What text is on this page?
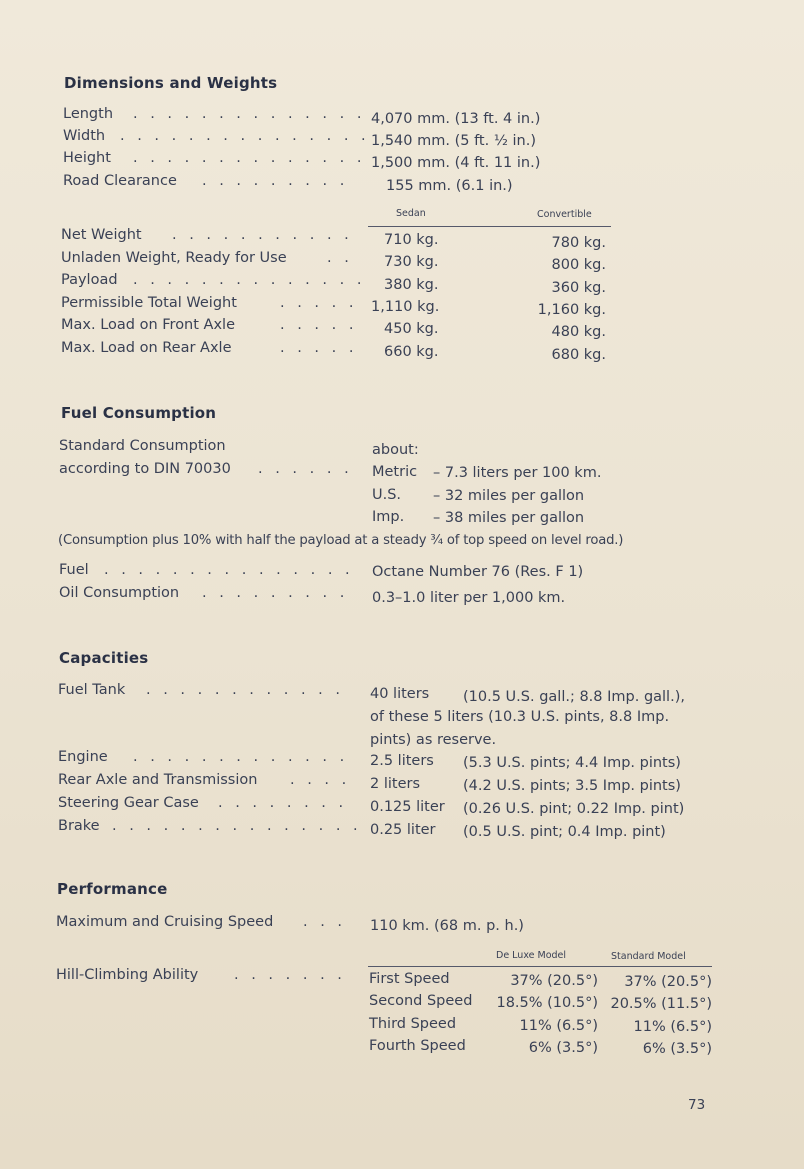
Dimensions and Weights
Length . . . . . . . . . . . . . . 4,070 mm. (13 ft. 4 in.)
Width . . . . . . . . . . . . . . . 1,540 mm. (5 ft. ½ in.)
Height . . . . . . . . . . . . . . 1,500 mm. (4 ft. 11 in.)
Road Clearance . . . . . . . . .	155 mm. (6.1 in.)
Sedan	Convertible
Net Weight . . . . . . . . . . . 710 kg.	780 kg.
Unladen Weight, Ready for Use	. . 730 kg.	800 kg.
Payload . . . . . . . . . . . . . . 380 kg.	360 kg.
Permissible Total Weight	. . . . . 1,110 kg.	1,160 kg.
Max. Load on Front Axle	. . . . . 450 kg.	480 kg.
Max. Load on Rear Axle	. . . . . 660 kg.	680 kg.
Fuel Consumption
Standard Consumption	about:
according to DIN 70030 . . . . . . Metric – 7.3 liters per 100 km.
U.S. – 32 miles per gallon
Imp. – 38 miles per gallon
(Consumption plus 10% with half the payload at a steady ¾ of top speed on level road.)
Fuel . . . . . . . . . . . . . . . Octane Number 76 (Res. F 1)
Oil Consumption . . . . . . . . . 0.3–1.0 liter per 1,000 km.
Capacities
Fuel Tank . . . . . . . . . . . . 40 liters (10.5 U.S. gall.; 8.8 Imp. gall.),
of these 5 liters (10.3 U.S. pints, 8.8 Imp.
pints) as reserve.
Engine . . . . . . . . . . . . . 2.5 liters (5.3 U.S. pints; 4.4 Imp. pints)
Rear Axle and Transmission . . . . 2 liters	(4.2 U.S. pints; 3.5 Imp. pints)
Steering Gear Case . . . . . . . . 0.125 liter (0.26 U.S. pint; 0.22 Imp. pint)
Brake . . . . . . . . . . . . . . . 0.25 liter (0.5 U.S. pint; 0.4 Imp. pint)
Performance
Maximum and Cruising Speed . . . 110 km. (68 m. p. h.)
De Luxe Model	Standard Model
Hill-Climbing Ability . . . . . . . First Speed	37% (20.5°)	37% (20.5°)
Second Speed	18.5% (10.5°) 20.5% (11.5°)
Third Speed	11% (6.5°)	11% (6.5°)
Fourth Speed	6% (3.5°)	6% (3.5°)
73
